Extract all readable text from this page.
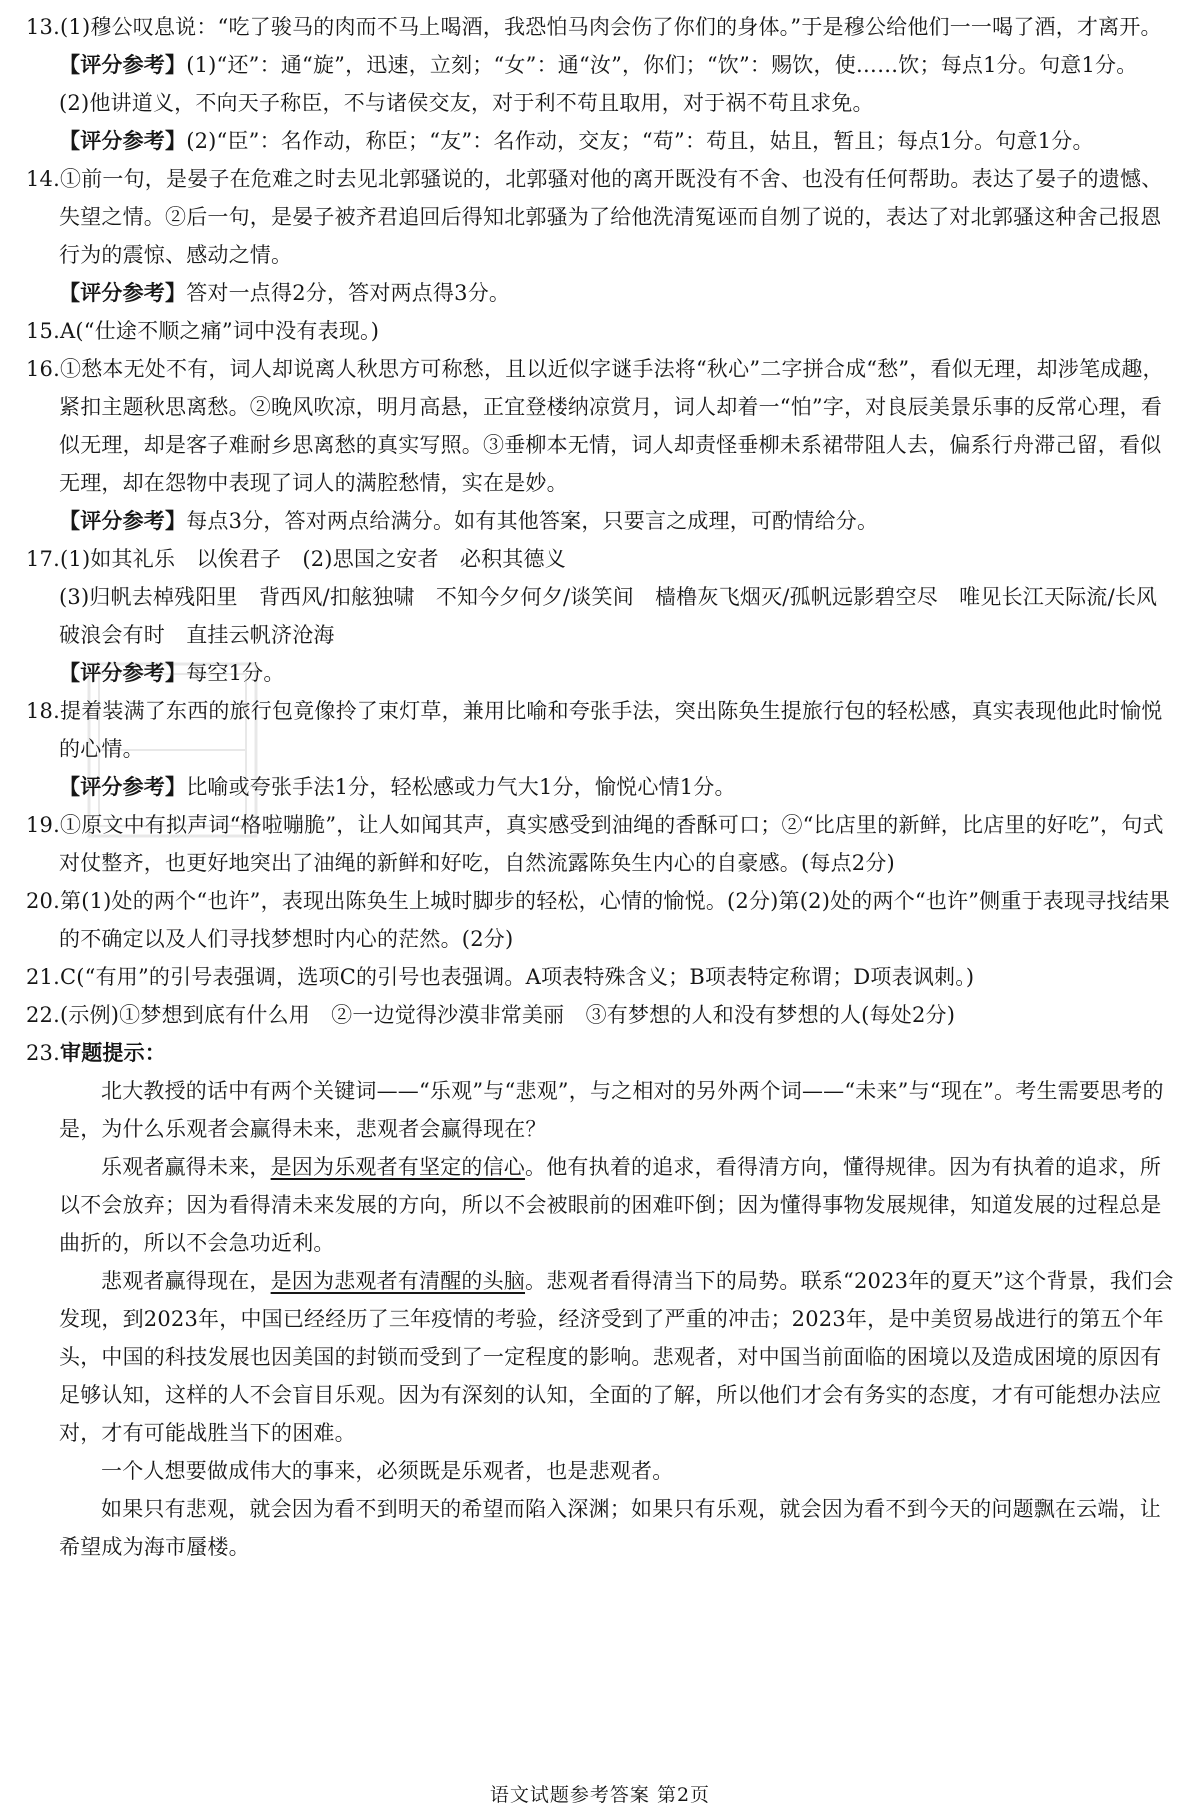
13.(1)穆公叹息说：“吃了骏马的肉而不马上喝酒，我恐怕马肉会伤了你们的身体。”于是穆公给他们一一喝了酒，才离开。

【评分参考】(1)“还”：通“旋”，迅速，立刻；“女”：通“汝”，你们；“饮”：赐饮，使……饮；每点1分。句意1分。

(2)他讲道义，不向天子称臣，不与诸侯交友，对于利不苟且取用，对于祸不苟且求免。

【评分参考】(2)“臣”：名作动，称臣；“友”：名作动，交友；“苟”：苟且，姑且，暂且；每点1分。句意1分。

14.①前一句，是晏子在危难之时去见北郭骚说的，北郭骚对他的离开既没有不舍、也没有任何帮助。表达了晏子的遗憾、失望之情。②后一句，是晏子被齐君追回后得知北郭骚为了给他洗清冤诬而自刎了说的，表达了对北郭骚这种舍己报恩行为的震惊、感动之情。

【评分参考】答对一点得2分，答对两点得3分。

15.A(“仕途不顺之痛”词中没有表现。)

16.①愁本无处不有，词人却说离人秋思方可称愁，且以近似字谜手法将“秋心”二字拼合成“愁”，看似无理，却涉笔成趣，紧扣主题秋思离愁。②晚风吹凉，明月高悬，正宜登楼纳凉赏月，词人却着一“怕”字，对良辰美景乐事的反常心理，看似无理，却是客子难耐乡思离愁的真实写照。③垂柳本无情，词人却责怪垂柳未系裙带阻人去，偏系行舟滞己留，看似无理，却在怨物中表现了词人的满腔愁情，实在是妙。

【评分参考】每点3分，答对两点给满分。如有其他答案，只要言之成理，可酌情给分。

17.(1)如其礼乐　以俟君子　(2)思国之安者　必积其德义

(3)归帆去棹残阳里　背西风/扣舷独啸　不知今夕何夕/谈笑间　樯橹灰飞烟灭/孤帆远影碧空尽　唯见长江天际流/长风破浪会有时　直挂云帆济沧海

【评分参考】每空1分。

18.提着装满了东西的旅行包竟像拎了束灯草，兼用比喻和夸张手法，突出陈奂生提旅行包的轻松感，真实表现他此时愉悦的心情。

【评分参考】比喻或夸张手法1分，轻松感或力气大1分，愉悦心情1分。

19.①原文中有拟声词“格啦嘣脆”，让人如闻其声，真实感受到油绳的香酥可口；②“比店里的新鲜，比店里的好吃”，句式对仗整齐，也更好地突出了油绳的新鲜和好吃，自然流露陈奂生内心的自豪感。(每点2分)

20.第(1)处的两个“也许”，表现出陈奂生上城时脚步的轻松，心情的愉悦。(2分)第(2)处的两个“也许”侧重于表现寻找结果的不确定以及人们寻找梦想时内心的茫然。(2分)

21.C(“有用”的引号表强调，选项C的引号也表强调。A项表特殊含义；B项表特定称谓；D项表讽刺。)

22.(示例)①梦想到底有什么用　②一边觉得沙漠非常美丽　③有梦想的人和没有梦想的人(每处2分)

23.审题提示：

北大教授的话中有两个关键词——“乐观”与“悲观”，与之相对的另外两个词——“未来”与“现在”。考生需要思考的是，为什么乐观者会赢得未来，悲观者会赢得现在？

乐观者赢得未来，是因为乐观者有坚定的信心。他有执着的追求，看得清方向，懂得规律。因为有执着的追求，所以不会放弃；因为看得清未来发展的方向，所以不会被眼前的困难吓倒；因为懂得事物发展规律，知道发展的过程总是曲折的，所以不会急功近利。

悲观者赢得现在，是因为悲观者有清醒的头脑。悲观者看得清当下的局势。联系“2023年的夏天”这个背景，我们会发现，到2023年，中国已经经历了三年疫情的考验，经济受到了严重的冲击；2023年，是中美贸易战进行的第五个年头，中国的科技发展也因美国的封锁而受到了一定程度的影响。悲观者，对中国当前面临的困境以及造成困境的原因有足够认知，这样的人不会盲目乐观。因为有深刻的认知，全面的了解，所以他们才会有务实的态度，才有可能想办法应对，才有可能战胜当下的困难。

一个人想要做成伟大的事来，必须既是乐观者，也是悲观者。

如果只有悲观，就会因为看不到明天的希望而陷入深渊；如果只有乐观，就会因为看不到今天的问题飘在云端，让希望成为海市蜃楼。

语文试题参考答案 第2页
